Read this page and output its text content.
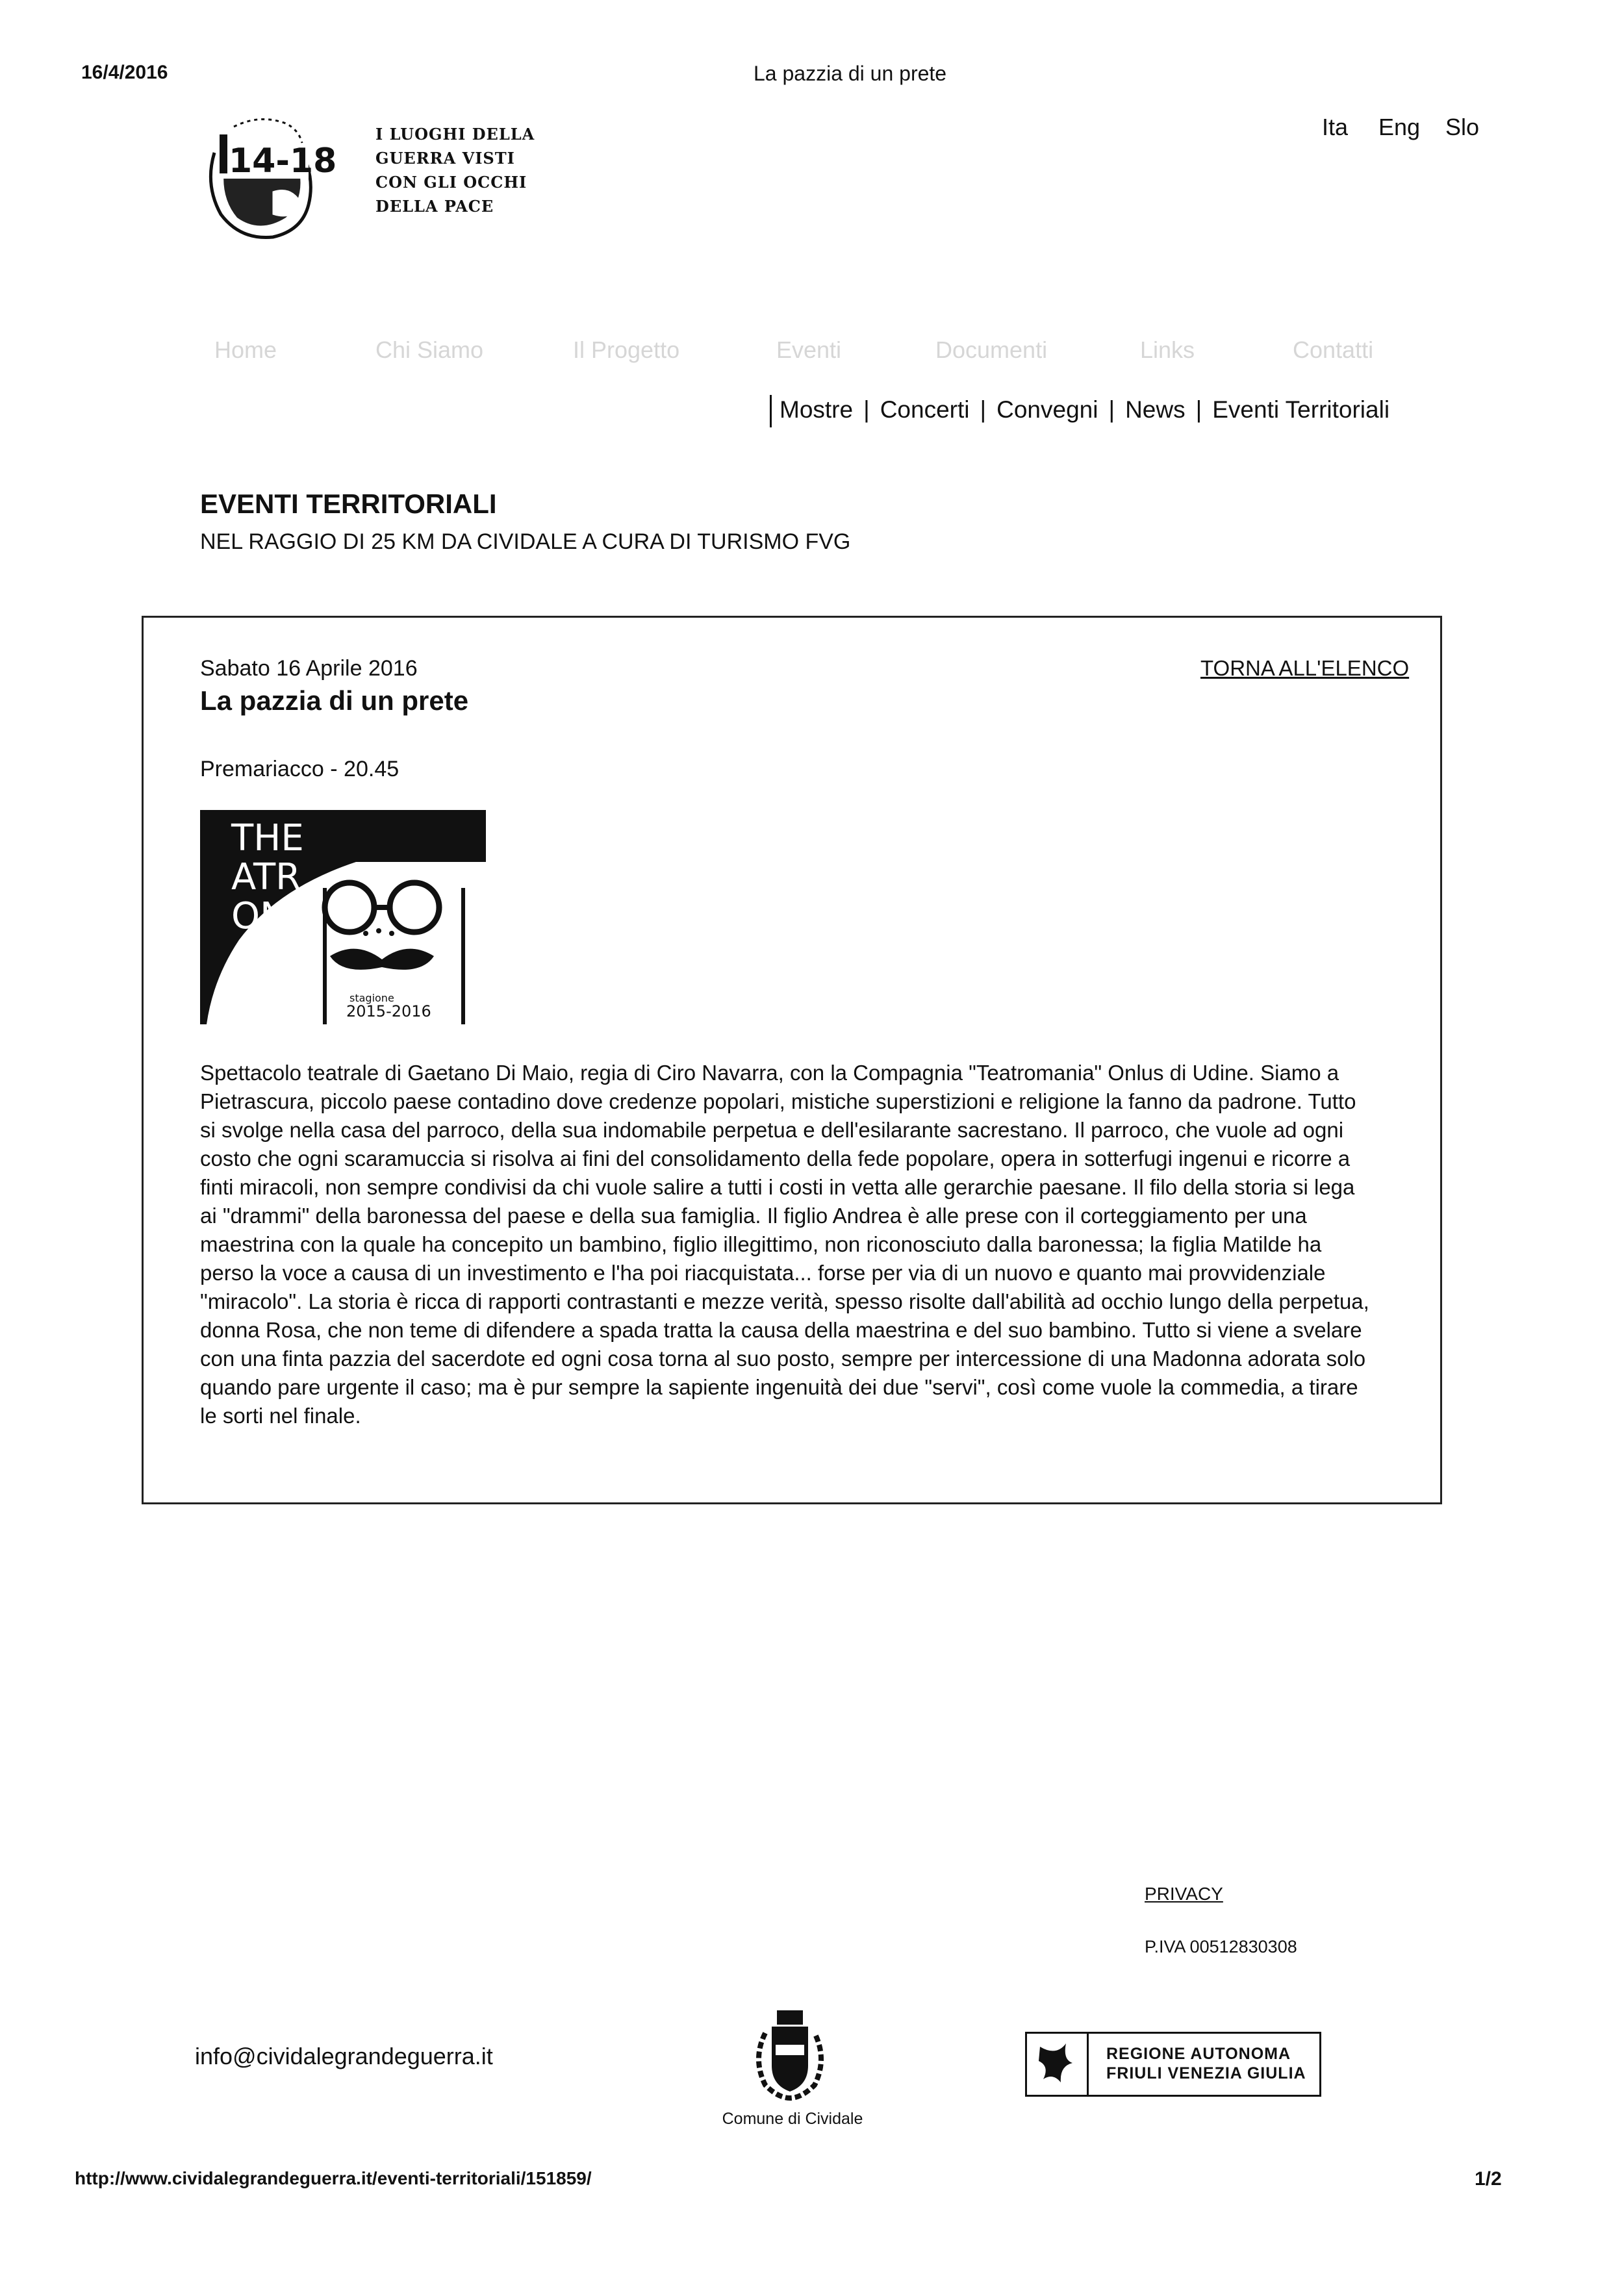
16/4/2016	La pazzia di un prete
14-18
I LUOGHI DELLA
GUERRA VISTI
CON GLI OCCHI
DELLA PACE
Ita Eng Slo
Home	Chi Siamo	Il Progetto	Eventi	Documenti	Links	Contatti
Mostre | Concerti | Convegni | News | Eventi Territoriali
EVENTI TERRITORIALI
NEL RAGGIO DI 25 KM DA CIVIDALE A CURA DI TURISMO FVG
Sabato 16 Aprile 2016
La pazzia di un prete
TORNA ALL'ELENCO
Premariacco - 20.45
THE
ATR
ON
stagione
2015-2016

Spettacolo teatrale di Gaetano Di Maio, regia di Ciro Navarra, con la Compagnia "Teatromania" Onlus di Udine. Siamo a Pietrascura, piccolo paese contadino dove credenze popolari, mistiche superstizioni e religione la fanno da padrone. Tutto si svolge nella casa del parroco, della sua indomabile perpetua e dell'esilarante sacrestano. Il parroco, che vuole ad ogni costo che ogni scaramuccia si risolva ai fini del consolidamento della fede popolare, opera in sotterfugi ingenui e ricorre a finti miracoli, non sempre condivisi da chi vuole salire a tutti i costi in vetta alle gerarchie paesane. Il filo della storia si lega ai "drammi" della baronessa del paese e della sua famiglia. Il figlio Andrea è alle prese con il corteggiamento per una maestrina con la quale ha concepito un bambino, figlio illegittimo, non riconosciuto dalla baronessa; la figlia Matilde ha perso la voce a causa di un investimento e l'ha poi riacquistata... forse per via di un nuovo e quanto mai provvidenziale "miracolo". La storia è ricca di rapporti contrastanti e mezze verità, spesso risolte dall'abilità ad occhio lungo della perpetua, donna Rosa, che non teme di difendere a spada tratta la causa della maestrina e del suo bambino. Tutto si viene a svelare con una finta pazzia del sacerdote ed ogni cosa torna al suo posto, sempre per intercessione di una Madonna adorata solo quando pare urgente il caso; ma è pur sempre la sapiente ingenuità dei due "servi", così come vuole la commedia, a tirare le sorti nel finale.

PRIVACY
P.IVA 00512830308
info@cividalegrandeguerra.it
Comune di Cividale
REGIONE AUTONOMA
FRIULI VENEZIA GIULIA
http://www.cividalegrandeguerra.it/eventi-territoriali/151859/	1/2
